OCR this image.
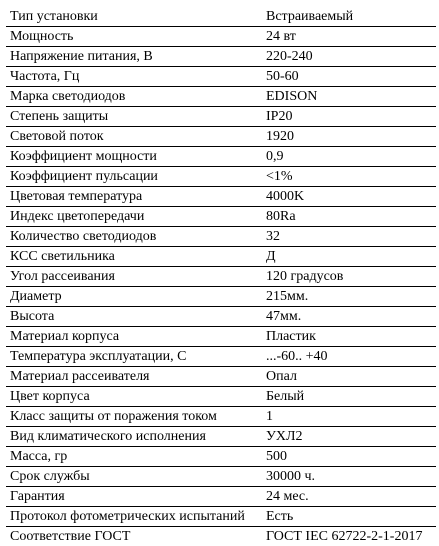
Тип установки	Встраиваемый
Мощность	24 вт
Напряжение питания, В	220-240
Частота, Гц	50-60
Марка светодиодов	EDISON
Степень защиты	IP20
Световой поток	1920
Коэффициент мощности	0,9
Коэффициент пульсации	<1%
Цветовая температура	4000K
Индекс цветопередачи	80Ra
Количество светодиодов	32
КСС светильника	Д
Угол рассеивания	120 градусов
Диаметр	215мм.
Высота	47мм.
Материал корпуса	Пластик
Температура эксплуатации, С	...-60.. +40
Материал рассеивателя	Опал
Цвет корпуса	Белый
Класс защиты от поражения током	1
Вид климатического исполнения	УХЛ2
Масса, гр	500
Срок службы	30000 ч.
Гарантия	24 мес.
Протокол фотометрических испытаний	Есть
Соответствие ГОСТ	ГОСТ IEC 62722-2-1-2017
